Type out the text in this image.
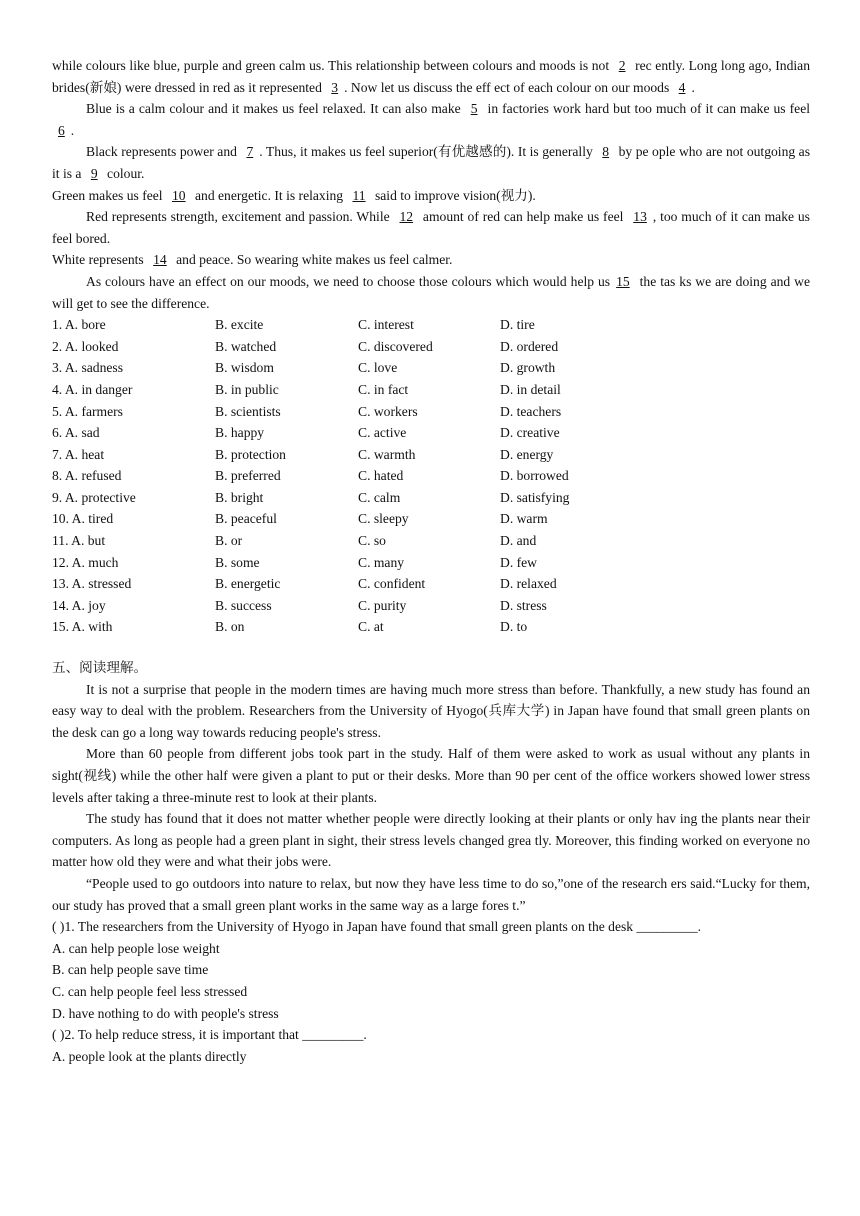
while colours like blue, purple and green calm us. This relationship between colours and moods is not 2 rec ently. Long long ago, Indian brides(新娘) were dressed in red as it represented 3 . Now let us discuss the eff ect of each colour on our moods 4 .

Blue is a calm colour and it makes us feel relaxed. It can also make 5 in factories work hard but too much of it can make us feel 6 .

Black represents power and 7 . Thus, it makes us feel superior(有优越感的). It is generally 8 by pe ople who are not outgoing as it is a 9 colour.

Green makes us feel 10 and energetic. It is relaxing 11 said to improve vision(视力).

Red represents strength, excitement and passion. While 12 amount of red can help make us feel 13 , too much of it can make us feel bored.

White represents 14 and peace. So wearing white makes us feel calmer.

As colours have an effect on our moods, we need to choose those colours which would help us 15 the tas ks we are doing and we will get to see the difference.

1. A. bore	B. excite	C. interest	D. tire
2. A. looked	B. watched	C. discovered	D. ordered
3. A. sadness	B. wisdom	C. love	D. growth
4. A. in danger	B. in public	C. in fact	D. in detail
5. A. farmers	B. scientists	C. workers	D. teachers
6. A. sad	B. happy	C. active	D. creative
7. A. heat	B. protection	C. warmth	D. energy
8. A. refused	B. preferred	C. hated	D. borrowed
9. A. protective	B. bright	C. calm	D. satisfying
10. A. tired	B. peaceful	C. sleepy	D. warm
11. A. but	B. or	C. so	D. and
12. A. much	B. some	C. many	D. few
13. A. stressed	B. energetic	C. confident	D. relaxed
14. A. joy	B. success	C. purity	D. stress
15. A. with	B. on	C. at	D. to

五、阅读理解。

It is not a surprise that people in the modern times are having much more stress than before. Thankfully, a new study has found an easy way to deal with the problem. Researchers from the University of Hyogo(兵库大学) in Japan have found that small green plants on the desk can go a long way towards reducing people's stress.

More than 60 people from different jobs took part in the study. Half of them were asked to work as usual without any plants in sight(视线) while the other half were given a plant to put or their desks. More than 90 per cent of the office workers showed lower stress levels after taking a three-minute rest to look at their plants.

The study has found that it does not matter whether people were directly looking at their plants or only hav ing the plants near their computers. As long as people had a green plant in sight, their stress levels changed grea tly. Moreover, this finding worked on everyone no matter how old they were and what their jobs were.

“People used to go outdoors into nature to relax, but now they have less time to do so,”one of the research ers said.“Lucky for them, our study has proved that a small green plant works in the same way as a large fores t.”

( )1. The researchers from the University of Hyogo in Japan have found that small green plants on the desk _________.

A. can help people lose weight

B. can help people save time

C. can help people feel less stressed

D. have nothing to do with people's stress

( )2. To help reduce stress, it is important that _________.

A. people look at the plants directly
